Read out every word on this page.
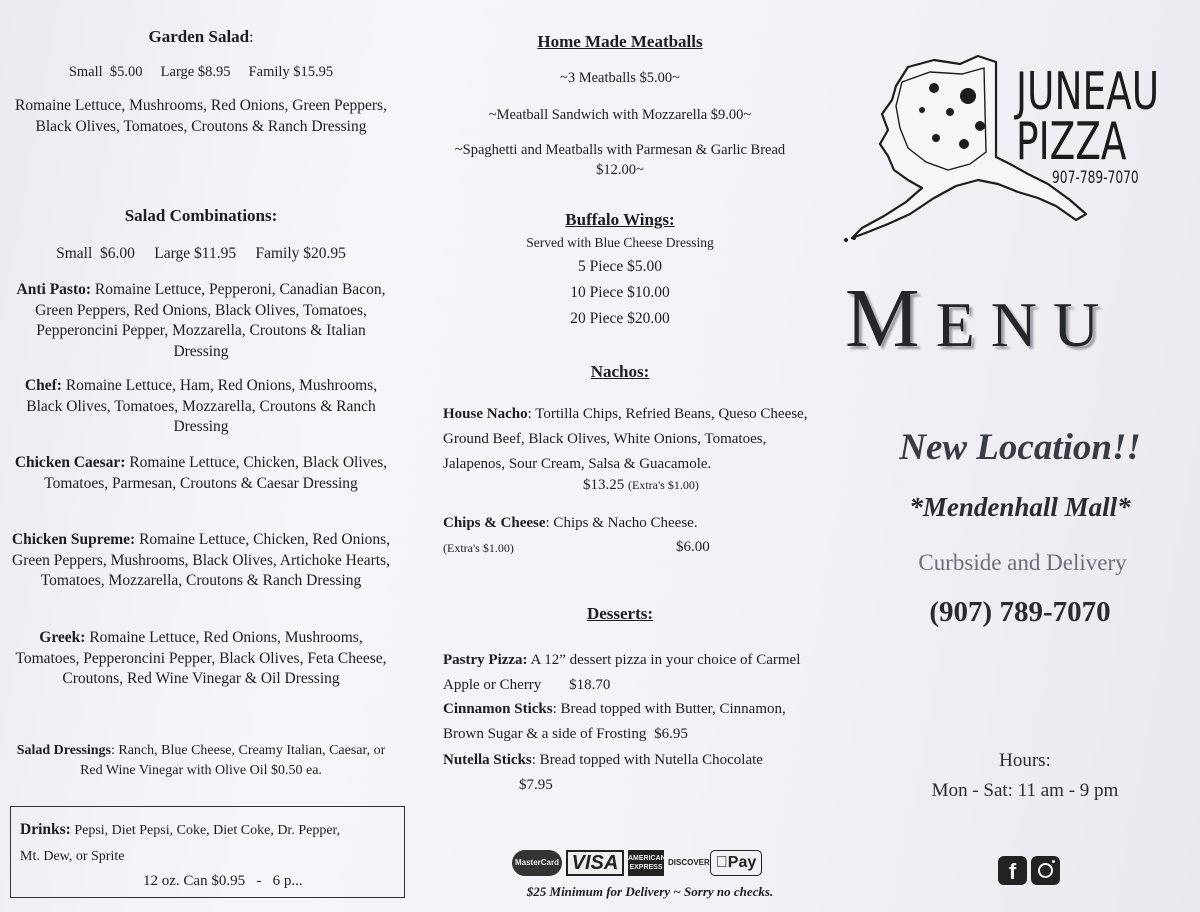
Garden Salad:
Small  $5.00     Large $8.95     Family $15.95
Romaine Lettuce, Mushrooms, Red Onions, Green Peppers, Black Olives, Tomatoes, Croutons & Ranch Dressing
Salad Combinations:
Small  $6.00     Large $11.95     Family $20.95
Anti Pasto: Romaine Lettuce, Pepperoni, Canadian Bacon, Green Peppers, Red Onions, Black Olives, Tomatoes, Pepperoncini Pepper, Mozzarella, Croutons & Italian Dressing
Chef: Romaine Lettuce, Ham, Red Onions, Mushrooms, Black Olives, Tomatoes, Mozzarella, Croutons & Ranch Dressing
Chicken Caesar: Romaine Lettuce, Chicken, Black Olives, Tomatoes, Parmesan, Croutons & Caesar Dressing
Chicken Supreme: Romaine Lettuce, Chicken, Red Onions, Green Peppers, Mushrooms, Black Olives, Artichoke Hearts, Tomatoes, Mozzarella, Croutons & Ranch Dressing
Greek: Romaine Lettuce, Red Onions, Mushrooms, Tomatoes, Pepperoncini Pepper, Black Olives, Feta Cheese, Croutons, Red Wine Vinegar & Oil Dressing
Salad Dressings: Ranch, Blue Cheese, Creamy Italian, Caesar, or Red Wine Vinegar with Olive Oil $0.50 ea.
Drinks: Pepsi, Diet Pepsi, Coke, Diet Coke, Dr. Pepper,
Mt. Dew, or Sprite
12 oz. Can $0.95   -   6 p...
Home Made Meatballs
~3 Meatballs $5.00~
~Meatball Sandwich with Mozzarella $9.00~
~Spaghetti and Meatballs with Parmesan & Garlic Bread $12.00~
Buffalo Wings:
Served with Blue Cheese Dressing
5 Piece $5.00
10 Piece $10.00
20 Piece $20.00
Nachos:
House Nacho: Tortilla Chips, Refried Beans, Queso Cheese, Ground Beef, Black Olives, White Onions, Tomatoes, Jalapenos, Sour Cream, Salsa & Guacamole.
$13.25 (Extra's $1.00)
Chips & Cheese: Chips & Nacho Cheese.
(Extra's $1.00)	$6.00
Desserts:
Pastry Pizza: A 12” dessert pizza in your choice of Carmel Apple or Cherry $18.70
Cinnamon Sticks: Bread topped with Butter, Cinnamon, Brown Sugar & a side of Frosting $6.95
Nutella Sticks: Bread topped with Nutella Chocolate $7.95
MasterCard VISA AMERICAN EXPRESSDISCOVER Pay
$25 Minimum for Delivery ~ Sorry no checks.
JUNEAU
PIZZA
907-789-7070
MENU
New Location!!
*Mendenhall Mall*
Curbside and Delivery
(907) 789-7070
Hours:
Mon - Sat: 11 am - 9 pm
f
